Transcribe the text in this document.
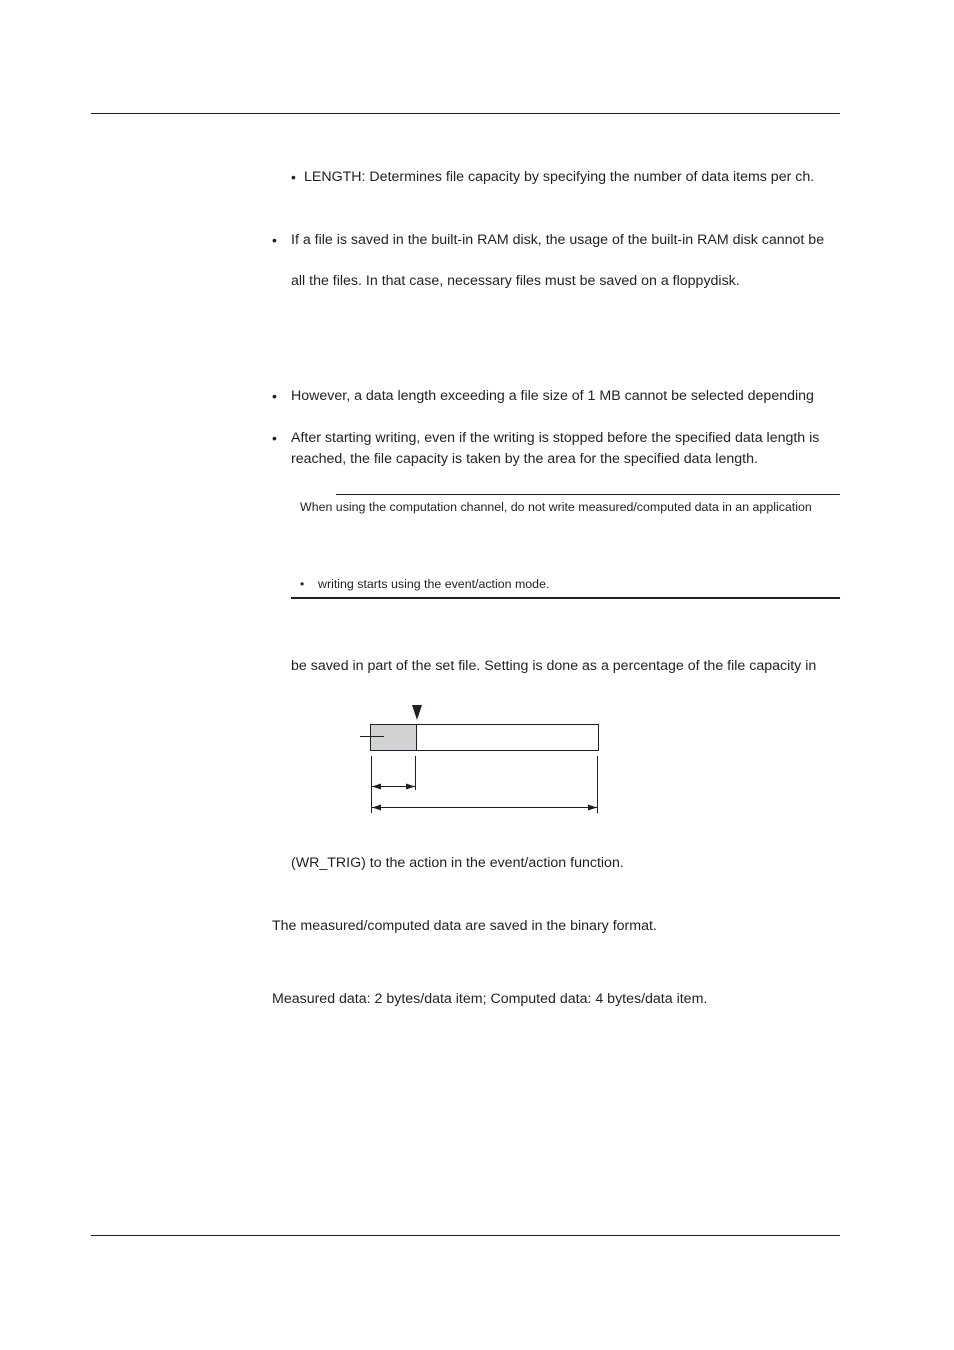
• LENGTH: Determines file capacity by specifying the number of data items per ch.
• If a file is saved in the built-in RAM disk, the usage of the built-in RAM disk cannot be
all the files. In that case, necessary files must be saved on a floppydisk.
• However, a data length exceeding a file size of 1 MB cannot be selected depending
• After starting writing, even if the writing is stopped before the specified data length is
reached, the file capacity is taken by the area for the specified data length.
When using the computation channel, do not write measured/computed data in an application
• writing starts using the event/action mode.
be saved in part of the set file. Setting is done as a percentage of the file capacity in
(WR_TRIG) to the action in the event/action function.
The measured/computed data are saved in the binary format.
Measured data: 2 bytes/data item; Computed data: 4 bytes/data item.
